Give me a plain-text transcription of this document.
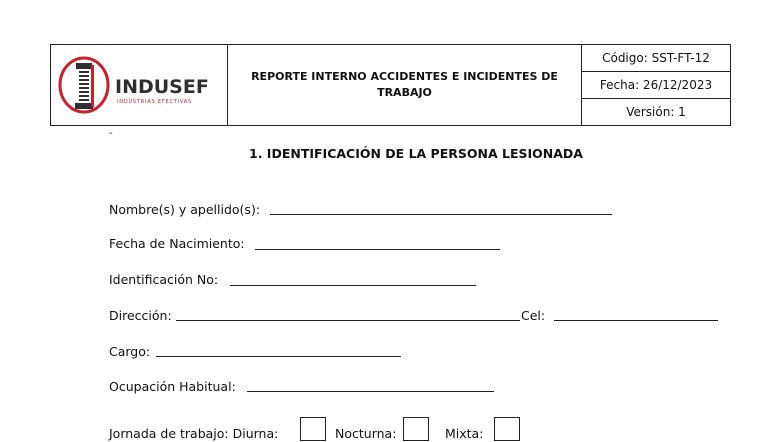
INDUSEF
INDUSTRIAS EFECTIVAS
REPORTE INTERNO ACCIDENTES E INCIDENTES DE TRABAJO
Código: SST-FT-12
Fecha: 26/12/2023
Versión: 1
-
1. IDENTIFICACIÓN DE LA PERSONA LESIONADA
Nombre(s) y apellido(s):
Fecha de Nacimiento:
Identificación No:
Dirección:	Cel:
Cargo:
Ocupación Habitual:
Jornada de trabajo: Diurna:	Nocturna:	Mixta:
